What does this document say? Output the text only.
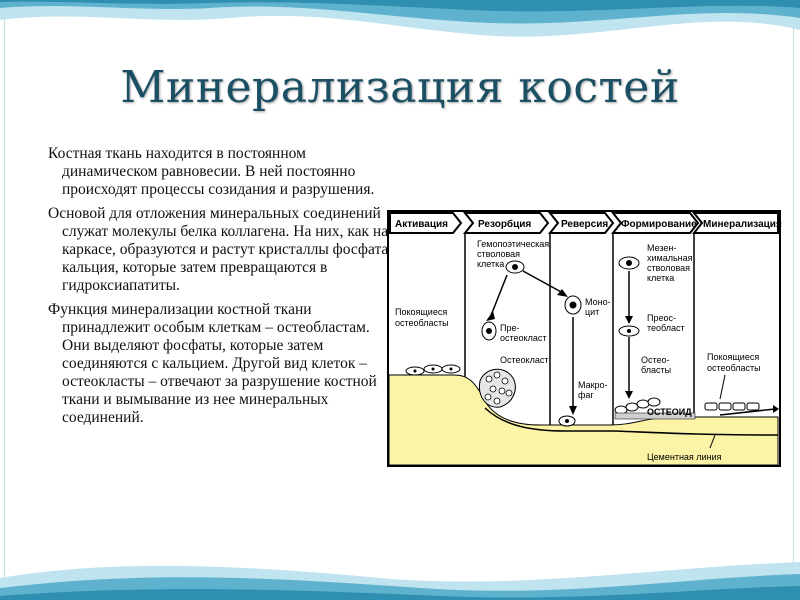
Минерализация костей

Костная ткань находится в постоянном динамическом равновесии. В ней постоянно происходят процессы созидания и разрушения.

Основой для отложения минеральных соединений служат молекулы белка коллагена. На них, как на каркасе, образуются и растут кристаллы фосфата кальция, которые затем превращаются в гидроксиапатиты.

Функция минерализации костной ткани принадлежит особым клеткам – остеобластам. Они выделяют фосфаты, которые затем соединяются с кальцием. Другой вид клеток – остеокласты – отвечают за разрушение костной ткани и вымывание из нее минеральных соединений.

Активация	Резорбция	Реверсия Формирование Минерализация
Покоящиеся
остеобласты
Гемопоэтическая
стволовая
клетка
Пре-
остеокласт
Остеокласт
Моно-
цит
Макро-
фаг
Мезен-
химальная
стволовая
клетка
Преос-
теобласт
Остео-
бласты
ОСТЕОИД
Покоящиеся
остеобласты
Цементная линия
